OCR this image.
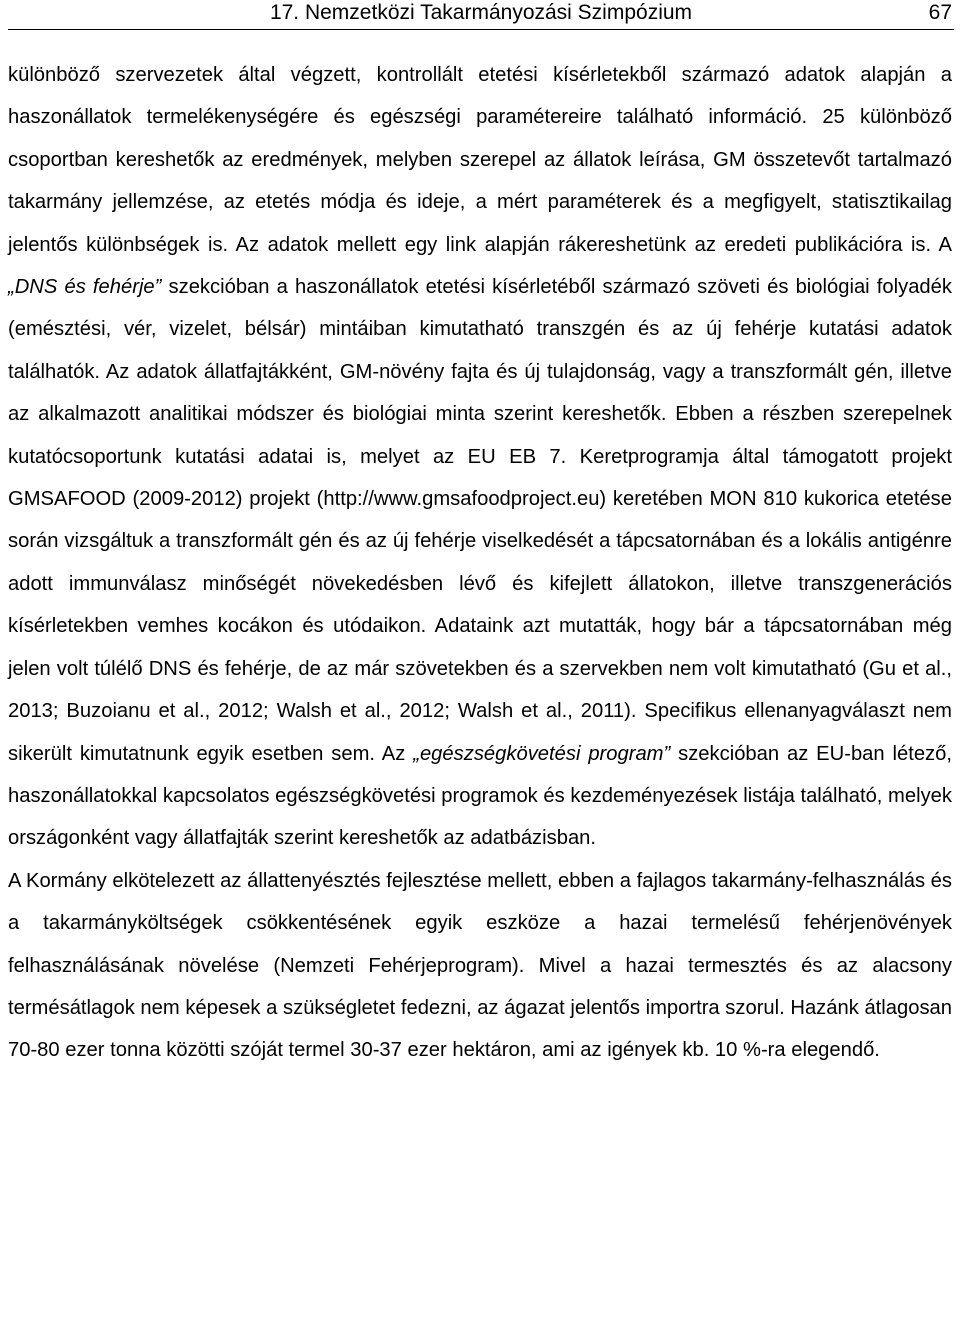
17. Nemzetközi Takarmányozási Szimpózium	67

különböző szervezetek által végzett, kontrollált etetési kísérletekből származó adatok alapján a haszonállatok termelékenységére és egészségi paramétereire található információ. 25 különböző csoportban kereshetők az eredmények, melyben szerepel az állatok leírása, GM összetevőt tartalmazó takarmány jellemzése, az etetés módja és ideje, a mért paraméterek és a megfigyelt, statisztikailag jelentős különbségek is. Az adatok mellett egy link alapján rákereshetünk az eredeti publikációra is. A „DNS és fehérje” szekcióban a haszonállatok etetési kísérletéből származó szöveti és biológiai folyadék (emésztési, vér, vizelet, bélsár) mintáiban kimutatható transzgén és az új fehérje kutatási adatok találhatók. Az adatok állatfajtákként, GM-növény fajta és új tulajdonság, vagy a transzformált gén, illetve az alkalmazott analitikai módszer és biológiai minta szerint kereshetők. Ebben a részben szerepelnek kutatócsoportunk kutatási adatai is, melyet az EU EB 7. Keretprogramja által támogatott projekt GMSAFOOD (2009-2012) projekt (http://www.gmsafoodproject.eu) keretében MON 810 kukorica etetése során vizsgáltuk a transzformált gén és az új fehérje viselkedését a tápcsatornában és a lokális antigénre adott immunválasz minőségét növekedésben lévő és kifejlett állatokon, illetve transzgenerációs kísérletekben vemhes kocákon és utódaikon. Adataink azt mutatták, hogy bár a tápcsatornában még jelen volt túlélő DNS és fehérje, de az már szövetekben és a szervekben nem volt kimutatható (Gu et al., 2013; Buzoianu et al., 2012; Walsh et al., 2012; Walsh et al., 2011). Specifikus ellenanyagválaszt nem sikerült kimutatnunk egyik esetben sem. Az „egészségkövetési program” szekcióban az EU-ban létező, haszonállatokkal kapcsolatos egészségkövetési programok és kezdeményezések listája található, melyek országonként vagy állatfajták szerint kereshetők az adatbázisban.

A Kormány elkötelezett az állattenyésztés fejlesztése mellett, ebben a fajlagos takarmány-felhasználás és a takarmányköltségek csökkentésének egyik eszköze a hazai termelésű fehérjenövények felhasználásának növelése (Nemzeti Fehérjeprogram). Mivel a hazai termesztés és az alacsony termésátlagok nem képesek a szükségletet fedezni, az ágazat jelentős importra szorul. Hazánk átlagosan 70-80 ezer tonna közötti szóját termel 30-37 ezer hektáron, ami az igények kb. 10 %-ra elegendő.
